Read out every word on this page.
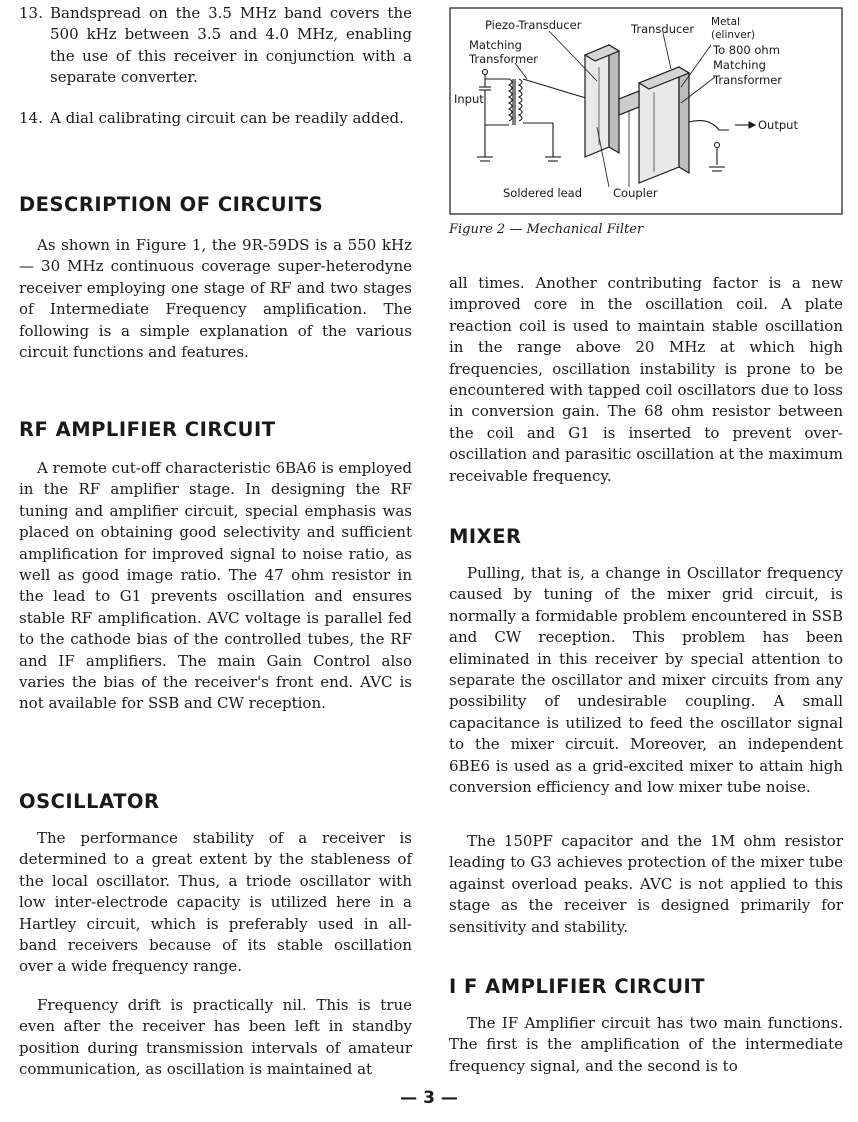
13. Bandspread on the 3.5 MHz band covers the 500 kHz between 3.5 and 4.0 MHz, enabling the use of this receiver in conjunction with a separate converter.
14. A dial calibrating circuit can be readily added.
DESCRIPTION OF CIRCUITS

As shown in Figure 1, the 9R-59DS is a 550 kHz — 30 MHz continuous coverage super-heterodyne receiver employing one stage of RF and two stages of Intermediate Frequency amplification. The following is a simple explanation of the various circuit functions and features.

RF AMPLIFIER CIRCUIT

A remote cut-off characteristic 6BA6 is employed in the RF amplifier stage. In designing the RF tuning and amplifier circuit, special emphasis was placed on obtaining good selectivity and sufficient amplification for improved signal to noise ratio, as well as good image ratio. The 47 ohm resistor in the lead to G1 prevents oscillation and ensures stable RF amplification. AVC voltage is parallel fed to the cathode bias of the controlled tubes, the RF and IF amplifiers. The main Gain Control also varies the bias of the receiver's front end. AVC is not available for SSB and CW reception.

OSCILLATOR

The performance stability of a receiver is determined to a great extent by the stableness of the local oscillator. Thus, a triode oscillator with low inter-electrode capacity is utilized here in a Hartley circuit, which is preferably used in all-band receivers because of its stable oscillation over a wide frequency range.

Frequency drift is practically nil. This is true even after the receiver has been left in standby position during transmission intervals of amateur communication, as oscillation is maintained at

Piezo-Transducer	Transducer Metal
(elinver)
Matching
Transformer
To 800 ohm
Matching
Transformer
Input
Output
Soldered lead	Coupler
Figure 2 — Mechanical Filter

all times. Another contributing factor is a new improved core in the oscillation coil. A plate reaction coil is used to maintain stable oscillation in the range above 20 MHz at which high frequencies, oscillation instability is prone to be encountered with tapped coil oscillators due to loss in conversion gain. The 68 ohm resistor between the coil and G1 is inserted to prevent over-oscillation and parasitic oscillation at the maximum receivable frequency.

MIXER

Pulling, that is, a change in Oscillator frequency caused by tuning of the mixer grid circuit, is normally a formidable problem encountered in SSB and CW reception. This problem has been eliminated in this receiver by special attention to separate the oscillator and mixer circuits from any possibility of undesirable coupling. A small capacitance is utilized to feed the oscillator signal to the mixer circuit. Moreover, an independent 6BE6 is used as a grid-excited mixer to attain high conversion efficiency and low mixer tube noise.

The 150PF capacitor and the 1M ohm resistor leading to G3 achieves protection of the mixer tube against overload peaks. AVC is not applied to this stage as the receiver is designed primarily for sensitivity and stability.

I F AMPLIFIER CIRCUIT

The IF Amplifier circuit has two main functions. The first is the amplification of the intermediate frequency signal, and the second is to

— 3 —
